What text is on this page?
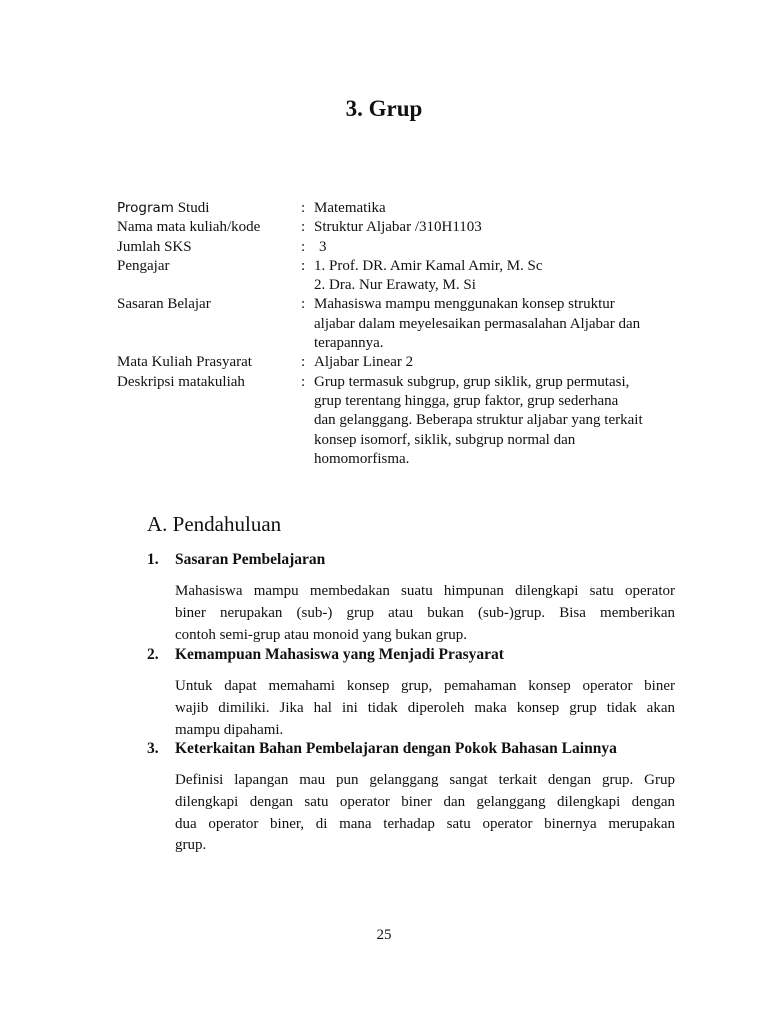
3. Grup
Program Studi	: Matematika
Nama mata kuliah/kode	: Struktur Aljabar /310H1103
Jumlah SKS	: 3
Pengajar	: 1. Prof. DR. Amir Kamal Amir, M. Sc
2. Dra. Nur Erawaty, M. Si
Sasaran Belajar	: Mahasiswa mampu menggunakan konsep struktur
aljabar dalam meyelesaikan permasalahan Aljabar dan
terapannya.
Mata Kuliah Prasyarat	: Aljabar Linear 2
Deskripsi matakuliah	: Grup termasuk subgrup, grup siklik, grup permutasi,
grup terentang hingga, grup faktor, grup sederhana
dan gelanggang. Beberapa struktur aljabar yang terkait
konsep isomorf, siklik, subgrup normal dan
homomorfisma.
A. Pendahuluan
1.	Sasaran Pembelajaran
Mahasiswa mampu membedakan suatu himpunan dilengkapi satu operator
biner nerupakan (sub-) grup atau bukan (sub-)grup. Bisa memberikan
contoh semi-grup atau monoid yang bukan grup.
2.	Kemampuan Mahasiswa yang Menjadi Prasyarat
Untuk dapat memahami konsep grup, pemahaman konsep operator biner
wajib dimiliki. Jika hal ini tidak diperoleh maka konsep grup tidak akan
mampu dipahami.
3.	Keterkaitan Bahan Pembelajaran dengan Pokok Bahasan Lainnya
Definisi lapangan mau pun gelanggang sangat terkait dengan grup. Grup
dilengkapi dengan satu operator biner dan gelanggang dilengkapi dengan
dua operator biner, di mana terhadap satu operator binernya merupakan
grup.
25
